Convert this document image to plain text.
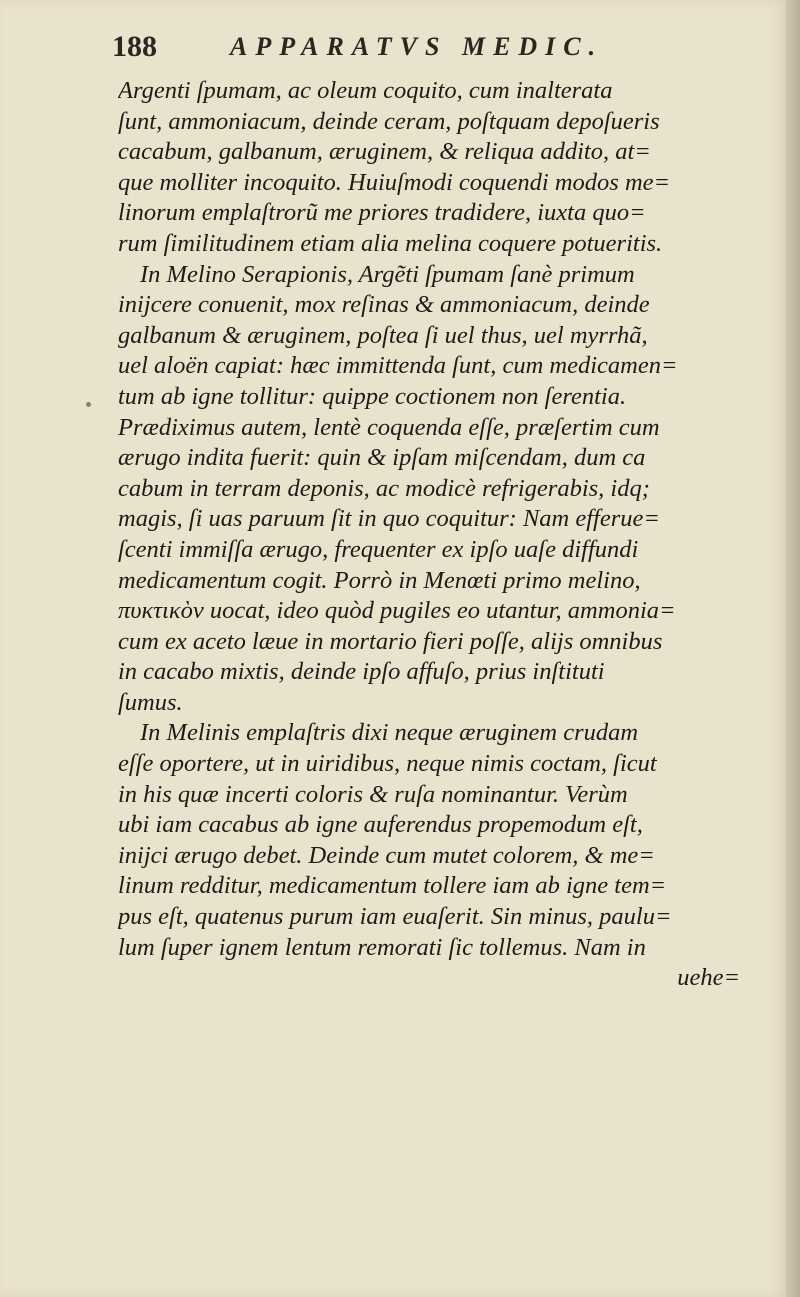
188	APPARATVS MEDIC.
Argenti ſpumam, ac oleum coquito, cum inalterata
ſunt, ammoniacum, deinde ceram, poſtquam depoſueris
cacabum, galbanum, æruginem, & reliqua addito, at=
que molliter incoquito. Huiuſmodi coquendi modos me=
linorum emplaſtrorũ me priores tradidere, iuxta quo=
rum ſimilitudinem etiam alia melina coquere potueritis.
In Melino Serapionis, Argẽti ſpumam ſanè primum
inijcere conuenit, mox reſinas & ammoniacum, deinde
galbanum & æruginem, poſtea ſi uel thus, uel myrrhã,
uel aloën capiat: hæc immittenda ſunt, cum medicamen=
tum ab igne tollitur: quippe coctionem non ſerentia.
Prædiximus autem, lentè coquenda eſſe, præſertim cum
ærugo indita fuerit: quin & ipſam miſcendam, dum ca
cabum in terram deponis, ac modicè refrigerabis, idq;
magis, ſi uas paruum ſit in quo coquitur: Nam efferue=
ſcenti immiſſa ærugo, frequenter ex ipſo uaſe diffundi
medicamentum cogit. Porrò in Menœti primo melino,
πυκτικὸν uocat, ideo quòd pugiles eo utantur, ammonia=
cum ex aceto læue in mortario fieri poſſe, alijs omnibus
in cacabo mixtis, deinde ipſo affuſo, prius inſtituti
ſumus.
In Melinis emplaſtris dixi neque æruginem crudam
eſſe oportere, ut in uiridibus, neque nimis coctam, ſicut
in his quæ incerti coloris & ruſa nominantur. Verùm
ubi iam cacabus ab igne auferendus propemodum eſt,
inijci ærugo debet. Deinde cum mutet colorem, & me=
linum redditur, medicamentum tollere iam ab igne tem=
pus eſt, quatenus purum iam euaſerit. Sin minus, paulu=
lum ſuper ignem lentum remorati ſic tollemus. Nam in
uehe=
